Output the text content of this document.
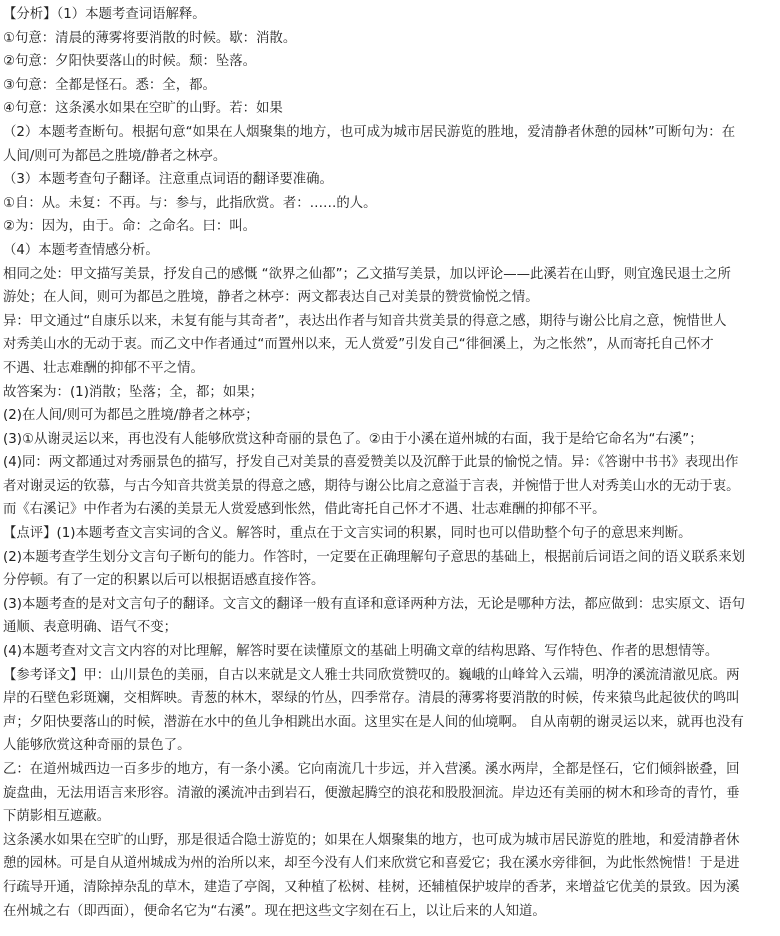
【分析】（1）本题考查词语解释。
①句意：清晨的薄雾将要消散的时候。歇：消散。
②句意：夕阳快要落山的时候。颓：坠落。
③句意：全都是怪石。悉：全，都。
④句意：这条溪水如果在空旷的山野。若：如果
（2）本题考查断句。根据句意“如果在人烟聚集的地方，也可成为城市居民游览的胜地，爱清静者休憩的园林”可断句为：在
人间/则可为都邑之胜境/静者之林亭。
（3）本题考查句子翻译。注意重点词语的翻译要准确。
①自：从。未复：不再。与：参与，此指欣赏。者：……的人。
②为：因为，由于。命：之命名。曰：叫。
（4）本题考查情感分析。
相同之处：甲文描写美景，抒发自己的感慨 “欲界之仙都”；乙文描写美景，加以评论——此溪若在山野，则宜逸民退士之所
游处；在人间，则可为都邑之胜境，静者之林亭：两文都表达自己对美景的赞赏愉悦之情。
异：甲文通过“自康乐以来，未复有能与其奇者”，表达出作者与知音共赏美景的得意之感，期待与谢公比肩之意，惋惜世人
对秀美山水的无动于衷。而乙文中作者通过“而置州以来，无人赏爱”引发自己“徘徊溪上，为之怅然”，从而寄托自己怀才
不遇、壮志难酬的抑郁不平之情。
故答案为：(1)消散；坠落；全，都；如果；
(2)在人间/则可为都邑之胜境/静者之林亭；
(3)①从谢灵运以来，再也没有人能够欣赏这种奇丽的景色了。②由于小溪在道州城的右面，我于是给它命名为“右溪”；
(4)同：两文都通过对秀丽景色的描写，抒发自己对美景的喜爱赞美以及沉醉于此景的愉悦之情。异：《答谢中书书》表现出作
者对谢灵运的钦慕，与古今知音共赏美景的得意之感，期待与谢公比肩之意溢于言表，并惋惜于世人对秀美山水的无动于衷。
而《右溪记》中作者为右溪的美景无人赏爱感到怅然，借此寄托自己怀才不遇、壮志难酬的抑郁不平。
【点评】(1)本题考查文言实词的含义。解答时，重点在于文言实词的积累，同时也可以借助整个句子的意思来判断。
(2)本题考查学生划分文言句子断句的能力。作答时，一定要在正确理解句子意思的基础上，根据前后词语之间的语义联系来划
分停顿。有了一定的积累以后可以根据语感直接作答。
(3)本题考查的是对文言句子的翻译。文言文的翻译一般有直译和意译两种方法，无论是哪种方法，都应做到：忠实原文、语句
通顺、表意明确、语气不变；
(4)本题考查对文言文内容的对比理解，解答时要在读懂原文的基础上明确文章的结构思路、写作特色、作者的思想情等。
【参考译文】甲：山川景色的美丽，自古以来就是文人雅士共同欣赏赞叹的。巍峨的山峰耸入云端，明净的溪流清澈见底。两
岸的石壁色彩斑斓，交相辉映。青葱的林木，翠绿的竹丛，四季常存。清晨的薄雾将要消散的时候，传来猿鸟此起彼伏的鸣叫
声；夕阳快要落山的时候，潜游在水中的鱼儿争相跳出水面。这里实在是人间的仙境啊。 自从南朝的谢灵运以来，就再也没有
人能够欣赏这种奇丽的景色了。
乙：在道州城西边一百多步的地方，有一条小溪。它向南流几十步远，并入营溪。溪水两岸，全都是怪石，它们倾斜嵌叠，回
旋盘曲，无法用语言来形容。清澈的溪流冲击到岩石，便激起腾空的浪花和股股洄流。岸边还有美丽的树木和珍奇的青竹，垂
下荫影相互遮蔽。
这条溪水如果在空旷的山野，那是很适合隐士游览的；如果在人烟聚集的地方，也可成为城市居民游览的胜地，和爱清静者休
憩的园林。可是自从道州城成为州的治所以来，却至今没有人们来欣赏它和喜爱它；我在溪水旁徘徊，为此怅然惋惜！于是进
行疏导开通，清除掉杂乱的草木，建造了亭阁，又种植了松树、桂树，还辅植保护坡岸的香茅，来增益它优美的景致。因为溪
在州城之右（即西面），便命名它为“右溪”。现在把这些文字刻在石上，以让后来的人知道。
